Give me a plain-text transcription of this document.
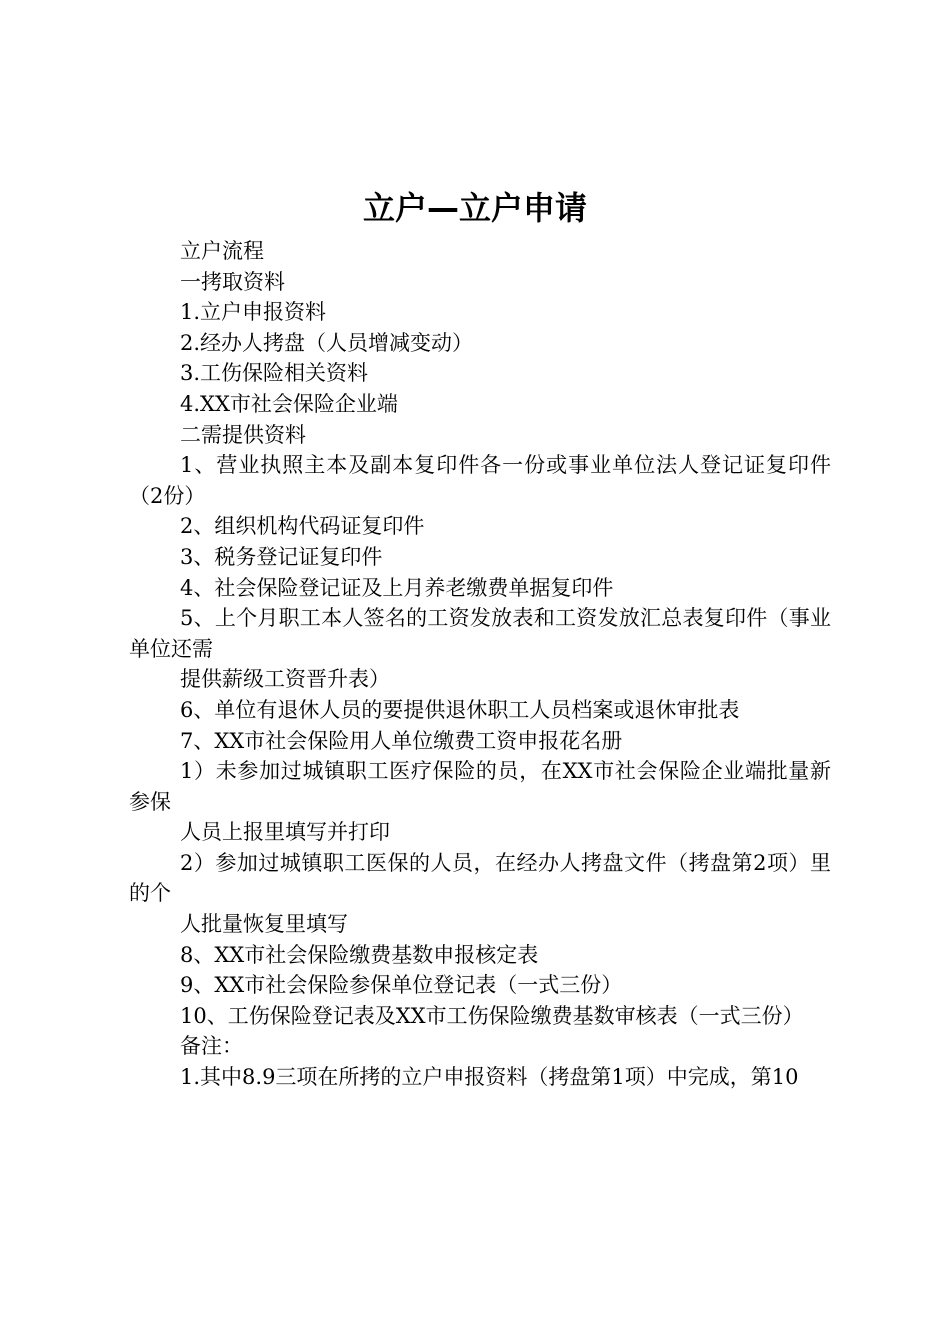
立户—立户申请

立户流程

一拷取资料

1.立户申报资料

2.经办人拷盘（人员增减变动）

3.工伤保险相关资料

4.XX市社会保险企业端

二需提供资料

1、营业执照主本及副本复印件各一份或事业单位法人登记证复印件（2份）

2、组织机构代码证复印件

3、税务登记证复印件

4、社会保险登记证及上月养老缴费单据复印件

5、上个月职工本人签名的工资发放表和工资发放汇总表复印件（事业单位还需

提供薪级工资晋升表）

6、单位有退休人员的要提供退休职工人员档案或退休审批表

7、XX市社会保险用人单位缴费工资申报花名册

1）未参加过城镇职工医疗保险的员，在XX市社会保险企业端批量新参保

人员上报里填写并打印

2）参加过城镇职工医保的人员，在经办人拷盘文件（拷盘第2项）里的个

人批量恢复里填写

8、XX市社会保险缴费基数申报核定表

9、XX市社会保险参保单位登记表（一式三份）

10、工伤保险登记表及XX市工伤保险缴费基数审核表（一式三份）

备注：

1.其中8.9三项在所拷的立户申报资料（拷盘第1项）中完成，第10
